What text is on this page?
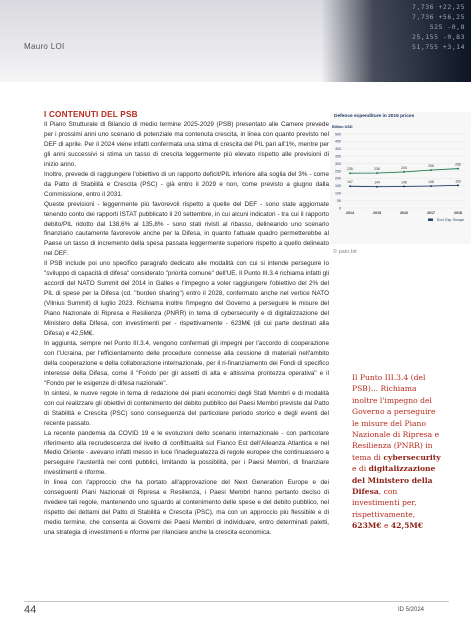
7,736 +22,25
7,736 +56,25
525 -0,8
25,155 -0,83
51,755 +3,14
Mauro LOI
I CONTENUTI DEL PSB

Il Piano Strutturale di Bilancio di medio termine 2025-2029 (PSB) presentato alle Camere prevede per i prossimi anni uno scenario di potenziale ma contenuta crescita, in linea con quanto previsto nel DEF di aprile. Per il 2024 viene infatti confermata una stima di crescita del PIL pari all'1%, mentre per gli anni successivi si stima un tasso di crescita leggermente più elevato rispetto alle previsioni di inizio anno.

Inoltre, prevede di raggiungere l'obiettivo di un rapporto deficit/PIL inferiore alla soglia del 3% - come da Patto di Stabilità e Crescita (PSC) - già entro il 2029 e non, come previsto a giugno dalla Commissione, entro il 2031.

Queste previsioni - leggermente più favorevoli rispetto a quelle del DEF - sono state aggiornate tenendo conto dei rapporti ISTAT pubblicato il 20 settembre, in cui alcuni indicatori - tra cui il rapporto debito/PIL ridotto dal 138,6% al 135,8% - sono stati rivisti al ribasso, delineando uno scenario finanziario cautamente favorevole anche per la Difesa, in quanto l'attuale quadro permetterebbe al Paese un tasso di incremento della spesa passata leggermente superiore rispetto a quello delineato nel DEF.

Il PSB include poi uno specifico paragrafo dedicato alle modalità con cui si intende perseguire lo "sviluppo di capacità di difesa" considerato "priorità comune" dell'UE. Il Punto III.3.4 richiama infatti gli accordi del NATO Summit del 2014 in Galles e l'impegno a voler raggiungere l'obiettivo del 2% del PIL di spese per la Difesa (cd. "burden sharing") entro il 2028, confermato anche nel vertice NATO (Vilnius Summit) di luglio 2023. Richiama inoltre l'impegno del Governo a perseguire le misure del Piano Nazionale di Ripresa e Resilienza (PNRR) in tema di cybersecurity e di digitalizzazione del Ministero della Difesa, con investimenti per - rispettivamente - 623M€ (di cui parte destinati alla Difesa) e 42,5M€.

In aggiunta, sempre nel Punto III.3.4, vengono confermati gli impegni per l'accordo di cooperazione con l'Ucraina, per l'efficientamento delle procedure connesse alla cessione di materiali nell'ambito della cooperazione e della collaborazione internazionale, per il ri-finanziamento dei Fondi di specifico interesse della Difesa, come il "Fondo per gli assetti di alta e altissima prontezza operativa" e il "Fondo per le esigenze di difesa nazionale".

In sintesi, le nuove regole in tema di redazione dei piani economici degli Stati Membri e di modalità con cui realizzare gli obiettivi di contenimento del debito pubblico dei Paesi Membri previste dal Patto di Stabilità e Crescita (PSC) sono conseguenza del particolare periodo storico e degli eventi del recente passato.

La recente pandemia da COVID 19 e le evoluzioni dello scenario internazionale - con particolare riferimento alla recrudescenza del livello di conflittualità sul Fianco Est dell'Alleanza Atlantica e nel Medio Oriente - avevano infatti messo in luce l'inadeguatezza di regole europee che continuassero a perseguire l'austerità nei conti pubblici, limitando la possibilità, per i Paesi Membri, di finanziare investimenti e riforme.

In linea con l'approccio che ha portato all'approvazione del Next Generation Europe e dei conseguenti Piani Nazionali di Ripresa e Resilienza, i Paesi Membri hanno pertanto deciso di rivedere tali regole, mantenendo uno sguardo al contenimento delle spese e del debito pubblico, nel rispetto dei dettami del Patto di Stabilità e Crescita (PSC), ma con un approccio più flessibile e di medio termine, che consenta ai Governi dei Paesi Membri di individuare, entro determinati paletti, una strategia di investimenti e riforme per rilanciare anche la crescita economica.

Defence expenditure in 2015 prices
Billion USD
0
50
100
150
200
250
300
350
400
450
500
2014	2015	2016	2017	2018
235	236	244	256	266
147	144	146	148	153
Excl. Exp. Europe
© pato.bit

Il Punto III.3.4 (del PSB)... Richiama inoltre l'impegno del Governo a perseguire le misure del Piano Nazionale di Ripresa e Resilienza (PNRR) in tema di cybersecurity e di digitalizzazione del Ministero della Difesa, con investimenti per, rispettivamente, 623M€ e 42,5M€

44	ID 5/2024
